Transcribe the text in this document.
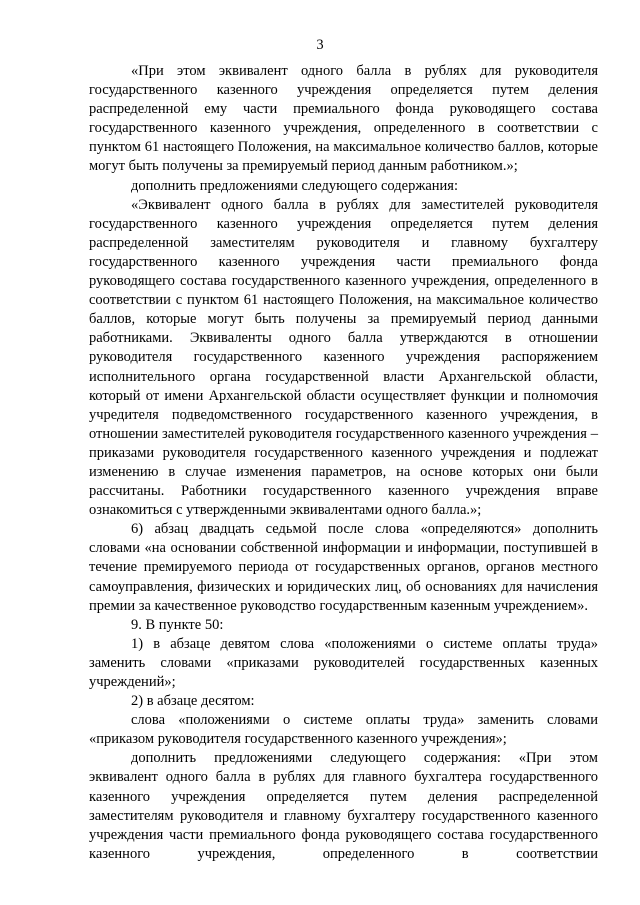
3

«При этом эквивалент одного балла в рублях для руководителя государственного казенного учреждения определяется путем деления распределенной ему части премиального фонда руководящего состава государственного казенного учреждения, определенного в соответствии с пунктом 61 настоящего Положения, на максимальное количество баллов, которые могут быть получены за премируемый период данным работником.»;

дополнить предложениями следующего содержания:

«Эквивалент одного балла в рублях для заместителей руководителя государственного казенного учреждения определяется путем деления распределенной заместителям руководителя и главному бухгалтеру государственного казенного учреждения части премиального фонда руководящего состава государственного казенного учреждения, определенного в соответствии с пунктом 61 настоящего Положения, на максимальное количество баллов, которые могут быть получены за премируемый период данными работниками. Эквиваленты одного балла утверждаются в отношении руководителя государственного казенного учреждения распоряжением исполнительного органа государственной власти Архангельской области, который от имени Архангельской области осуществляет функции и полномочия учредителя подведомственного государственного казенного учреждения, в отношении заместителей руководителя государственного казенного учреждения – приказами руководителя государственного казенного учреждения и подлежат изменению в случае изменения параметров, на основе которых они были рассчитаны. Работники государственного казенного учреждения вправе ознакомиться с утвержденными эквивалентами одного балла.»;

6) абзац двадцать седьмой после слова «определяются» дополнить словами «на основании собственной информации и информации, поступившей в течение премируемого периода от государственных органов, органов местного самоуправления, физических и юридических лиц, об основаниях для начисления премии за качественное руководство государственным казенным учреждением».

9. В пункте 50:

1) в абзаце девятом слова «положениями о системе оплаты труда» заменить словами «приказами руководителей государственных казенных учреждений»;

2) в абзаце десятом:

слова «положениями о системе оплаты труда» заменить словами «приказом руководителя государственного казенного учреждения»;

дополнить предложениями следующего содержания: «При этом эквивалент одного балла в рублях для главного бухгалтера государственного казенного учреждения определяется путем деления распределенной заместителям руководителя и главному бухгалтеру государственного казенного учреждения части премиального фонда руководящего состава государственного казенного учреждения, определенного в соответствии
